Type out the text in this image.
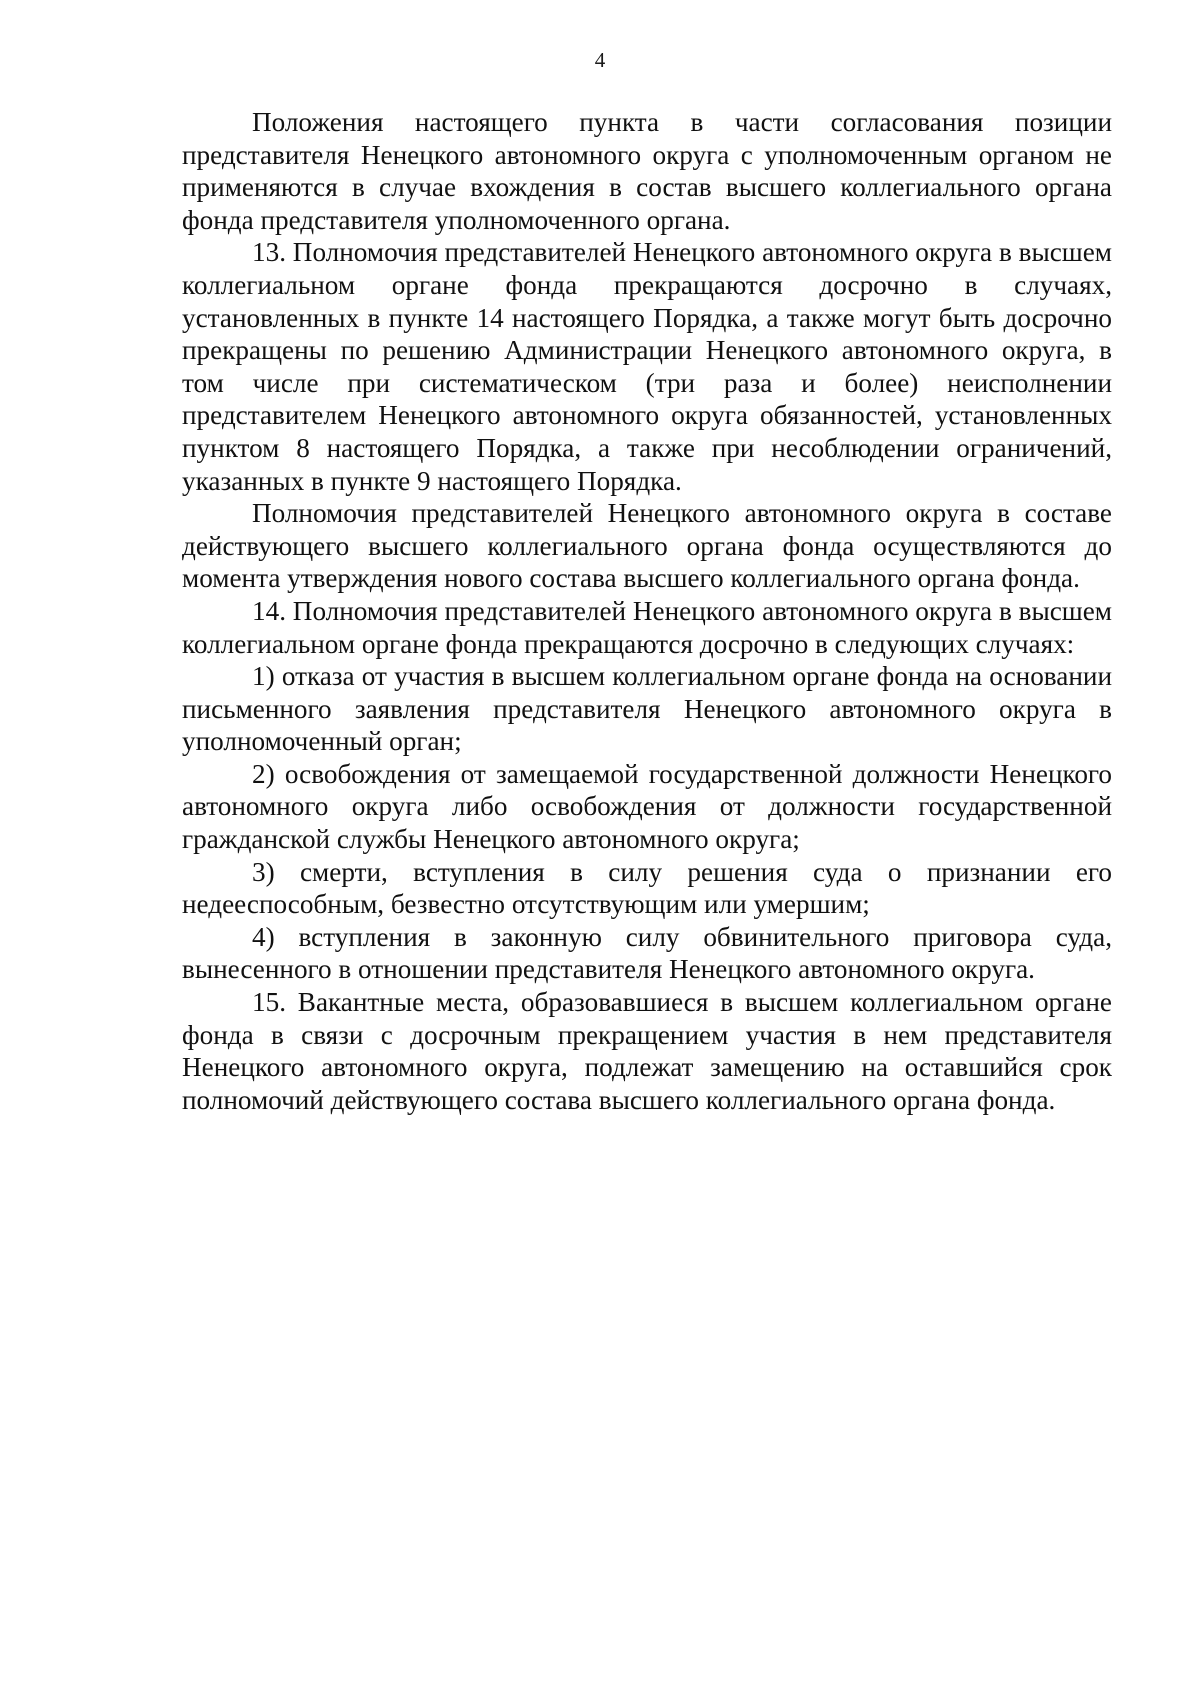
4

Положения настоящего пункта в части согласования позиции представителя Ненецкого автономного округа с уполномоченным органом не применяются в случае вхождения в состав высшего коллегиального органа фонда представителя уполномоченного органа.

13. Полномочия представителей Ненецкого автономного округа в высшем коллегиальном органе фонда прекращаются досрочно в случаях, установленных в пункте 14 настоящего Порядка, а также могут быть досрочно прекращены по решению Администрации Ненецкого автономного округа, в том числе при систематическом (три раза и более) неисполнении представителем Ненецкого автономного округа обязанностей, установленных пунктом 8 настоящего Порядка, а также при несоблюдении ограничений, указанных в пункте 9 настоящего Порядка.

Полномочия представителей Ненецкого автономного округа в составе действующего высшего коллегиального органа фонда осуществляются до момента утверждения нового состава высшего коллегиального органа фонда.

14. Полномочия представителей Ненецкого автономного округа в высшем коллегиальном органе фонда прекращаются досрочно в следующих случаях:

1) отказа от участия в высшем коллегиальном органе фонда на основании письменного заявления представителя Ненецкого автономного округа в уполномоченный орган;

2) освобождения от замещаемой государственной должности Ненецкого автономного округа либо освобождения от должности государственной гражданской службы Ненецкого автономного округа;

3) смерти, вступления в силу решения суда о признании его недееспособным, безвестно отсутствующим или умершим;

4) вступления в законную силу обвинительного приговора суда, вынесенного в отношении представителя Ненецкого автономного округа.

15. Вакантные места, образовавшиеся в высшем коллегиальном органе фонда в связи с досрочным прекращением участия в нем представителя Ненецкого автономного округа, подлежат замещению на оставшийся срок полномочий действующего состава высшего коллегиального органа фонда.
